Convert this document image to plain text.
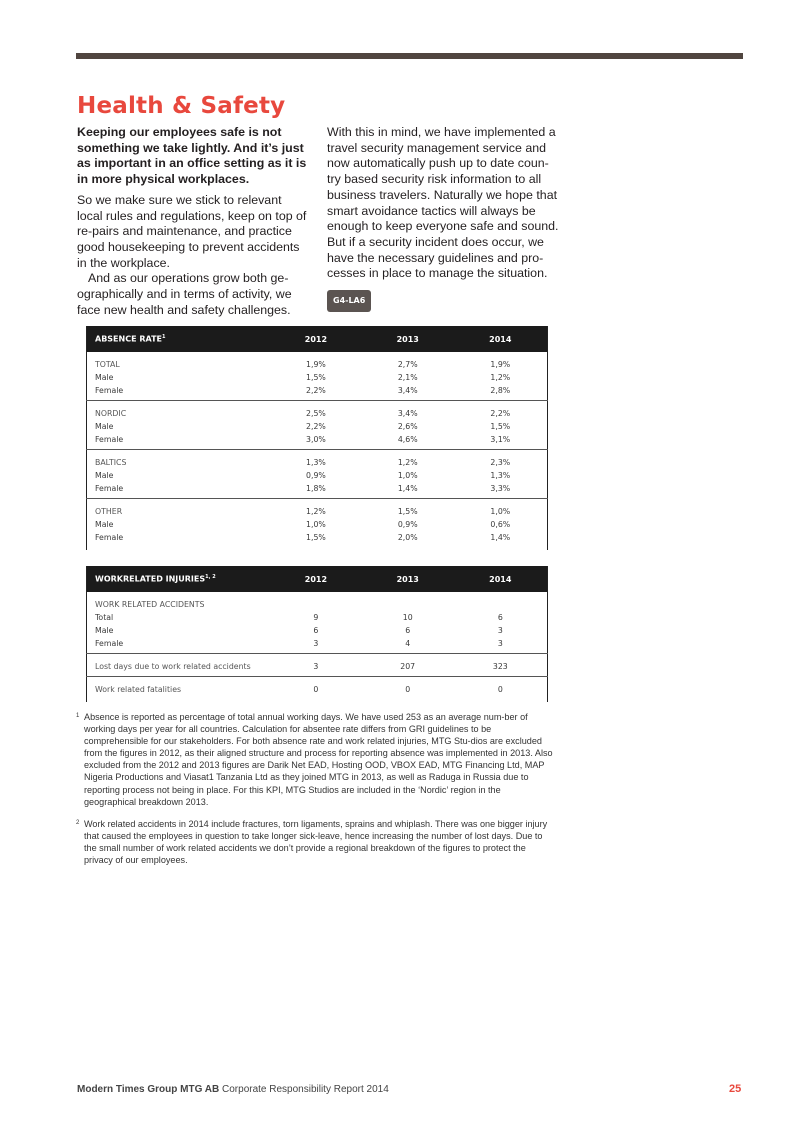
Health & Safety

Keeping our employees safe is not something we take lightly. And it’s just as important in an office setting as it is in more physical workplaces.

So we make sure we stick to relevant local rules and regulations, keep on top of re-pairs and maintenance, and practice good housekeeping to prevent accidents in the workplace.

And as our operations grow both ge-ographically and in terms of activity, we face new health and safety challenges.

With this in mind, we have implemented a travel security management service and now automatically push up to date coun-try based security risk information to all business travelers. Naturally we hope that smart avoidance tactics will always be enough to keep everyone safe and sound. But if a security incident does occur, we have the necessary guidelines and pro-cesses in place to manage the situation.

G4-LA6
ABSENCE RATE$^1$	2012	2013	2014
TOTAL	1,9%	2,7%	1,9%
Male	1,5%	2,1%	1,2%
Female	2,2%	3,4%	2,8%
NORDIC	2,5%	3,4%	2,2%
Male	2,2%	2,6%	1,5%
Female	3,0%	4,6%	3,1%
BALTICS	1,3%	1,2%	2,3%
Male	0,9%	1,0%	1,3%
Female	1,8%	1,4%	3,3%
OTHER	1,2%	1,5%	1,0%
Male	1,0%	0,9%	0,6%
Female	1,5%	2,0%	1,4%

WORKRELATED INJURIES$^{1, 2}$	2012	2013	2014
WORK RELATED ACCIDENTS			
Total	9	10	6
Male	6	6	3
Female	3	4	3
Lost days due to work related accidents	3	207	323
Work related fatalities	0	0	0

1 Absence is reported as percentage of total annual working days. We have used 253 as an average num-ber of working days per year for all countries. Calculation for absentee rate differs from GRI guidelines to be comprehensible for our stakeholders. For both absence rate and work related injuries, MTG Stu-dios are excluded from the figures in 2012, as their aligned structure and process for reporting absence was implemented in 2013. Also excluded from the 2012 and 2013 figures are Darik Net EAD, Hosting OOD, VBOX EAD, MTG Financing Ltd, MAP Nigeria Productions and Viasat1 Tanzania Ltd as they joined MTG in 2013, as well as Raduga in Russia due to reporting process not being in place. For this KPI, MTG Studios are included in the ‘Nordic’ region in the geographical breakdown 2013.

2 Work related accidents in 2014 include fractures, torn ligaments, sprains and whiplash. There was one bigger injury that caused the employees in question to take longer sick-leave, hence increasing the number of lost days. Due to the small number of work related accidents we don’t provide a regional breakdown of the figures to protect the privacy of our employees.

Modern Times Group MTG AB Corporate Responsibility Report 2014	25
